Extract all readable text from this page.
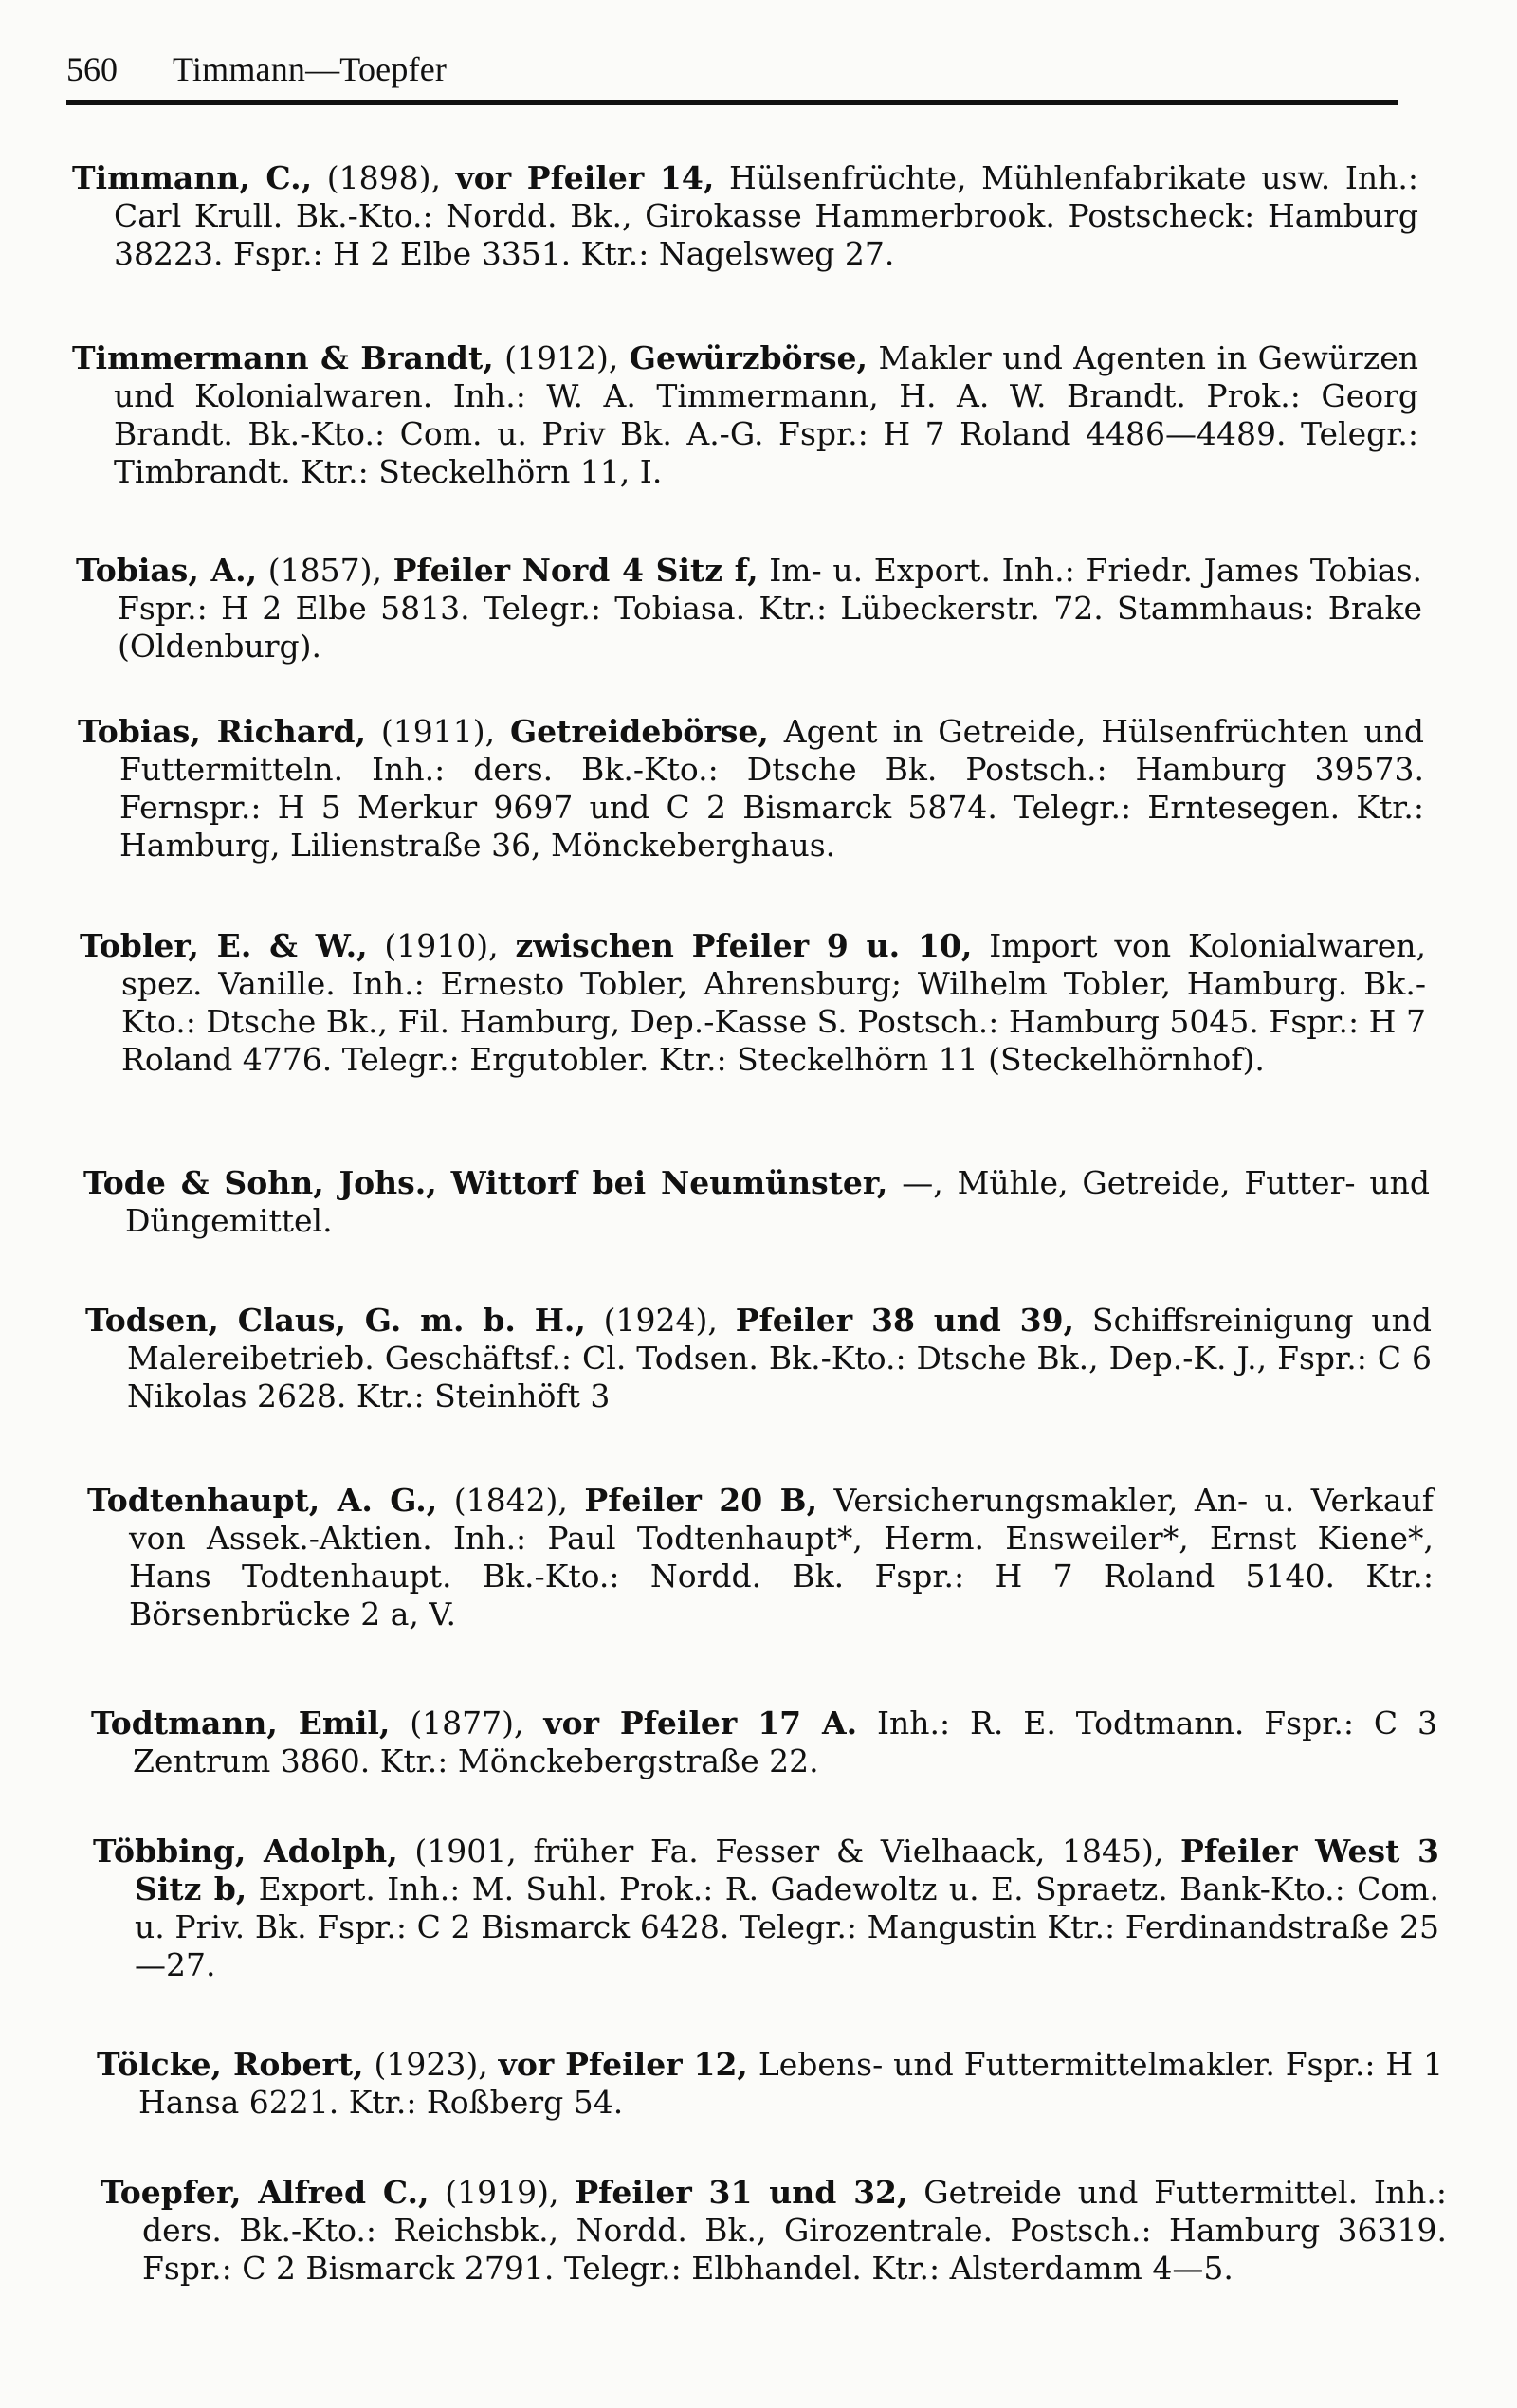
560 Timmann—Toepfer
Timmann, C., (1898), vor Pfeiler 14, Hülsenfrüchte, Mühlenfabrikate usw. Inh.: Carl Krull. Bk.-Kto.: Nordd. Bk., Girokasse Hammerbrook. Postscheck: Hamburg 38223. Fspr.: H 2 Elbe 3351. Ktr.: Nagelsweg 27.
Timmermann & Brandt, (1912), Gewürzbörse, Makler und Agenten in Gewürzen und Kolonialwaren. Inh.: W. A. Timmermann, H. A. W. Brandt. Prok.: Georg Brandt. Bk.-Kto.: Com. u. Priv Bk. A.-G. Fspr.: H 7 Roland 4486—4489. Telegr.: Timbrandt. Ktr.: Steckelhörn 11, I.
Tobias, A., (1857), Pfeiler Nord 4 Sitz f, Im- u. Export. Inh.: Friedr. James Tobias. Fspr.: H 2 Elbe 5813. Telegr.: Tobiasa. Ktr.: Lübeckerstr. 72. Stammhaus: Brake (Oldenburg).
Tobias, Richard, (1911), Getreidebörse, Agent in Getreide, Hülsenfrüchten und Futtermitteln. Inh.: ders. Bk.-Kto.: Dtsche Bk. Postsch.: Hamburg 39573. Fernspr.: H 5 Merkur 9697 und C 2 Bismarck 5874. Telegr.: Erntesegen. Ktr.: Hamburg, Lilienstraße 36, Mönckeberghaus.
Tobler, E. & W., (1910), zwischen Pfeiler 9 u. 10, Import von Kolonialwaren, spez. Vanille. Inh.: Ernesto Tobler, Ahrensburg; Wilhelm Tobler, Hamburg. Bk.-Kto.: Dtsche Bk., Fil. Hamburg, Dep.-Kasse S. Postsch.: Hamburg 5045. Fspr.: H 7 Roland 4776. Telegr.: Ergutobler. Ktr.: Steckelhörn 11 (Steckelhörnhof).
Tode & Sohn, Johs., Wittorf bei Neumünster, —, Mühle, Getreide, Futter- und Düngemittel.
Todsen, Claus, G. m. b. H., (1924), Pfeiler 38 und 39, Schiffsreinigung und Malereibetrieb. Geschäftsf.: Cl. Todsen. Bk.-Kto.: Dtsche Bk., Dep.-K. J., Fspr.: C 6 Nikolas 2628. Ktr.: Steinhöft 3
Todtenhaupt, A. G., (1842), Pfeiler 20 B, Versicherungsmakler, An- u. Verkauf von Assek.-Aktien. Inh.: Paul Todtenhaupt*, Herm. Ensweiler*, Ernst Kiene*, Hans Todtenhaupt. Bk.-Kto.: Nordd. Bk. Fspr.: H 7 Roland 5140. Ktr.: Börsenbrücke 2 a, V.
Todtmann, Emil, (1877), vor Pfeiler 17 A. Inh.: R. E. Todtmann. Fspr.: C 3 Zentrum 3860. Ktr.: Mönckebergstraße 22.
Többing, Adolph, (1901, früher Fa. Fesser & Vielhaack, 1845), Pfeiler West 3 Sitz b, Export. Inh.: M. Suhl. Prok.: R. Gadewoltz u. E. Spraetz. Bank-Kto.: Com. u. Priv. Bk. Fspr.: C 2 Bismarck 6428. Telegr.: Mangustin Ktr.: Ferdinandstraße 25—27.
Tölcke, Robert, (1923), vor Pfeiler 12, Lebens- und Futtermittelmakler. Fspr.: H 1 Hansa 6221. Ktr.: Roßberg 54.
Toepfer, Alfred C., (1919), Pfeiler 31 und 32, Getreide und Futtermittel. Inh.: ders. Bk.-Kto.: Reichsbk., Nordd. Bk., Girozentrale. Postsch.: Hamburg 36319. Fspr.: C 2 Bismarck 2791. Telegr.: Elbhandel. Ktr.: Alsterdamm 4—5.
